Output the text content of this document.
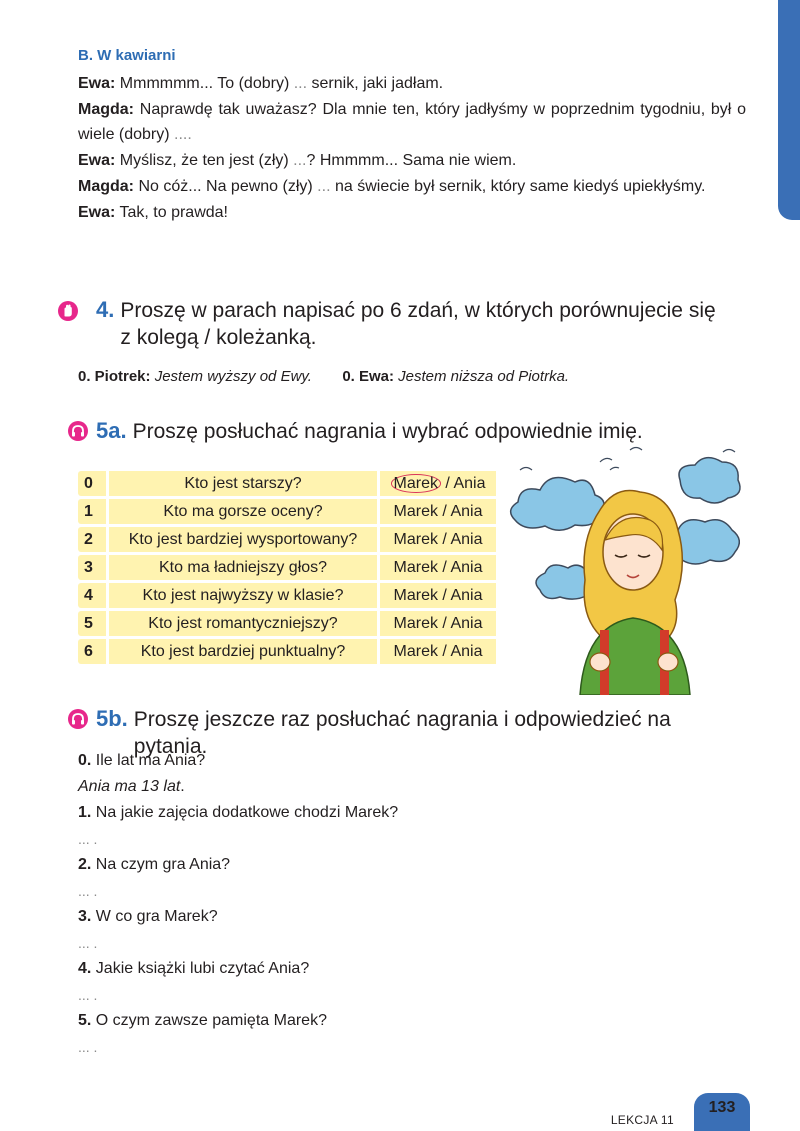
B. W kawiarni

Ewa: Mmmmmm... To (dobry) ... sernik, jaki jadłam.

Magda: Naprawdę tak uważasz? Dla mnie ten, który jadłyśmy w poprzednim tygodniu, był o wiele (dobry) ....

Ewa: Myślisz, że ten jest (zły) ...? Hmmmm... Sama nie wiem.

Magda: No cóż... Na pewno (zły) ... na świecie był sernik, który same kiedyś upiekłyśmy.

Ewa: Tak, to prawda!

4. Proszę w parach napisać po 6 zdań, w których porównujecie się z kolegą / koleżanką.
0. Piotrek: Jestem wyższy od Ewy. 0. Ewa: Jestem niższa od Piotrka.
5a. Proszę posłuchać nagrania i wybrać odpowiednie imię.
0	Kto jest starszy?	Marek / Ania
1	Kto ma gorsze oceny?	Marek / Ania
2	Kto jest bardziej wysportowany?	Marek / Ania
3	Kto ma ładniejszy głos?	Marek / Ania
4	Kto jest najwyższy w klasie?	Marek / Ania
5	Kto jest romantyczniejszy?	Marek / Ania
6	Kto jest bardziej punktualny?	Marek / Ania
5b. Proszę jeszcze raz posłuchać nagrania i odpowiedzieć na pytania.

0. Ile lat ma Ania?

Ania ma 13 lat.

1. Na jakie zajęcia dodatkowe chodzi Marek?

... .

2. Na czym gra Ania?

... .

3. W co gra Marek?

... .

4. Jakie książki lubi czytać Ania?

... .

5. O czym zawsze pamięta Marek?

... .
LEKCJA 11
133
